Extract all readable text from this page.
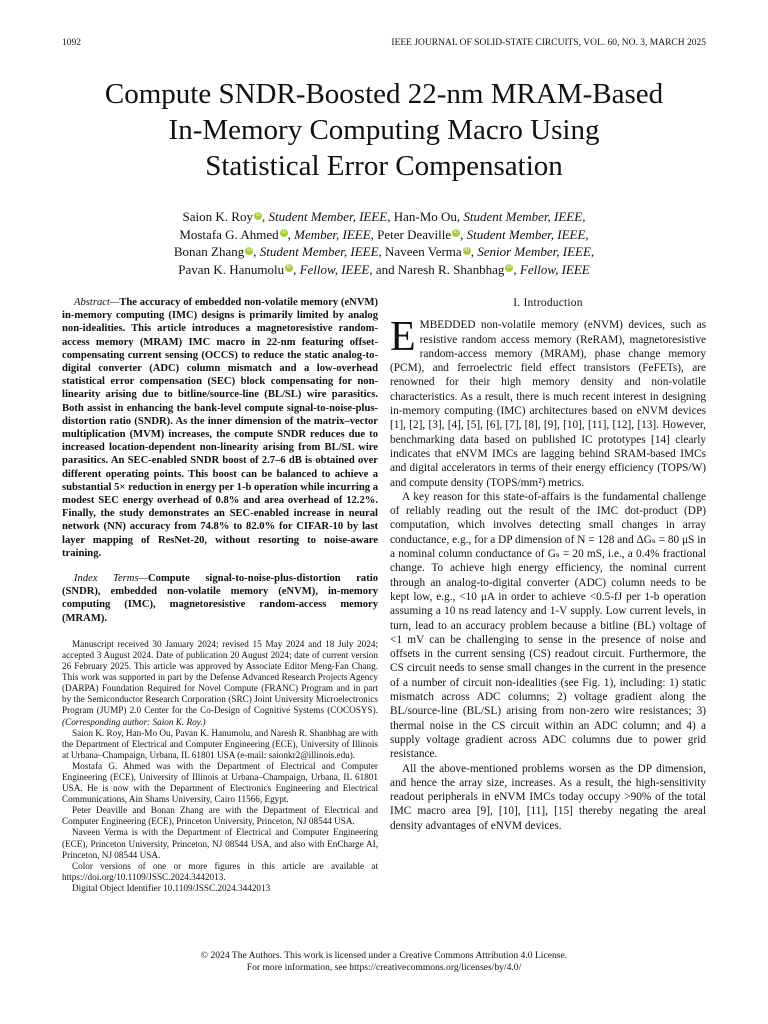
1092	IEEE JOURNAL OF SOLID-STATE CIRCUITS, VOL. 60, NO. 3, MARCH 2025
Compute SNDR-Boosted 22-nm MRAM-Based
In-Memory Computing Macro Using
Statistical Error Compensation
Saion K. Roy iD , Student Member, IEEE, Han-Mo Ou, Student Member, IEEE,
Mostafa G. Ahmed iD , Member, IEEE, Peter Deaville iD , Student Member, IEEE,
Bonan Zhang iD , Student Member, IEEE, Naveen Verma iD , Senior Member, IEEE,
Pavan K. Hanumolu iD , Fellow, IEEE, and Naresh R. Shanbhag iD , Fellow, IEEE

Abstract—The accuracy of embedded non-volatile memory (eNVM) in-memory computing (IMC) designs is primarily limited by analog non-idealities. This article introduces a magnetoresistive random-access memory (MRAM) IMC macro in 22-nm featuring offset-compensating current sensing (OCCS) to reduce the static analog-to-digital converter (ADC) column mismatch and a low-overhead statistical error compensation (SEC) block compensating for non-linearity arising due to bitline/source-line (BL/SL) wire parasitics. Both assist in enhancing the bank-level compute signal-to-noise-plus-distortion ratio (SNDR). As the inner dimension of the matrix–vector multiplication (MVM) increases, the compute SNDR reduces due to increased location-dependent non-linearity arising from BL/SL wire parasitics. An SEC-enabled SNDR boost of 2.7–6 dB is obtained over different operating points. This boost can be balanced to achieve a substantial 5× reduction in energy per 1-b operation while incurring a modest SEC energy overhead of 0.8% and area overhead of 12.2%. Finally, the study demonstrates an SEC-enabled increase in neural network (NN) accuracy from 74.8% to 82.0% for CIFAR-10 by last layer mapping of ResNet-20, without resorting to noise-aware training.

Index Terms—Compute signal-to-noise-plus-distortion ratio (SNDR), embedded non-volatile memory (eNVM), in-memory computing (IMC), magnetoresistive random-access memory (MRAM).

Manuscript received 30 January 2024; revised 15 May 2024 and 18 July 2024; accepted 3 August 2024. Date of publication 20 August 2024; date of current version 26 February 2025. This article was approved by Associate Editor Meng-Fan Chang. This work was supported in part by the Defense Advanced Research Projects Agency (DARPA) Foundation Required for Novel Compute (FRANC) Program and in part by the Semiconductor Research Corporation (SRC) Joint University Microelectronics Program (JUMP) 2.0 Center for the Co-Design of Cognitive Systems (COCOSYS). (Corresponding author: Saion K. Roy.)

Saion K. Roy, Han-Mo Ou, Pavan K. Hanumolu, and Naresh R. Shanbhag are with the Department of Electrical and Computer Engineering (ECE), University of Illinois at Urbana–Champaign, Urbana, IL 61801 USA (e-mail: saionkr2@illinois.edu).

Mostafa G. Ahmed was with the Department of Electrical and Computer Engineering (ECE), University of Illinois at Urbana–Champaign, Urbana, IL 61801 USA. He is now with the Department of Electronics Engineering and Electrical Communications, Ain Shams University, Cairo 11566, Egypt.

Peter Deaville and Bonan Zhang are with the Department of Electrical and Computer Engineering (ECE), Princeton University, Princeton, NJ 08544 USA.

Naveen Verma is with the Department of Electrical and Computer Engineering (ECE), Princeton University, Princeton, NJ 08544 USA, and also with EnCharge AI, Princeton, NJ 08544 USA.

Color versions of one or more figures in this article are available at https://doi.org/10.1109/JSSC.2024.3442013.

Digital Object Identifier 10.1109/JSSC.2024.3442013

I. Introduction

EMBEDDED non-volatile memory (eNVM) devices, such as resistive random access memory (ReRAM), magnetoresistive random-access memory (MRAM), phase change memory (PCM), and ferroelectric field effect transistors (FeFETs), are renowned for their high memory density and non-volatile characteristics. As a result, there is much recent interest in designing in-memory computing (IMC) architectures based on eNVM devices [1], [2], [3], [4], [5], [6], [7], [8], [9], [10], [11], [12], [13]. However, benchmarking data based on published IC prototypes [14] clearly indicates that eNVM IMCs are lagging behind SRAM-based IMCs and digital accelerators in terms of their energy efficiency (TOPS/W) and compute density (TOPS/mm²) metrics.

A key reason for this state-of-affairs is the fundamental challenge of reliably reading out the result of the IMC dot-product (DP) computation, which involves detecting small changes in array conductance, e.g., for a DP dimension of N = 128 and ΔGₛ = 80 μS in a nominal column conductance of Gₛ = 20 mS, i.e., a 0.4% fractional change. To achieve high energy efficiency, the nominal current through an analog-to-digital converter (ADC) column needs to be kept low, e.g., <10 μA in order to achieve <0.5-fJ per 1-b operation assuming a 10 ns read latency and 1-V supply. Low current levels, in turn, lead to an accuracy problem because a bitline (BL) voltage of <1 mV can be challenging to sense in the presence of noise and offsets in the current sensing (CS) readout circuit. Furthermore, the CS circuit needs to sense small changes in the current in the presence of a number of circuit non-idealities (see Fig. 1), including: 1) static mismatch across ADC columns; 2) voltage gradient along the BL/source-line (BL/SL) arising from non-zero wire resistances; 3) thermal noise in the CS circuit within an ADC column; and 4) a supply voltage gradient across ADC columns due to power grid resistance.

All the above-mentioned problems worsen as the DP dimension, and hence the array size, increases. As a result, the high-sensitivity readout peripherals in eNVM IMCs today occupy >90% of the total IMC macro area [9], [10], [11], [15] thereby negating the areal density advantages of eNVM devices.

© 2024 The Authors. This work is licensed under a Creative Commons Attribution 4.0 License.
For more information, see https://creativecommons.org/licenses/by/4.0/
